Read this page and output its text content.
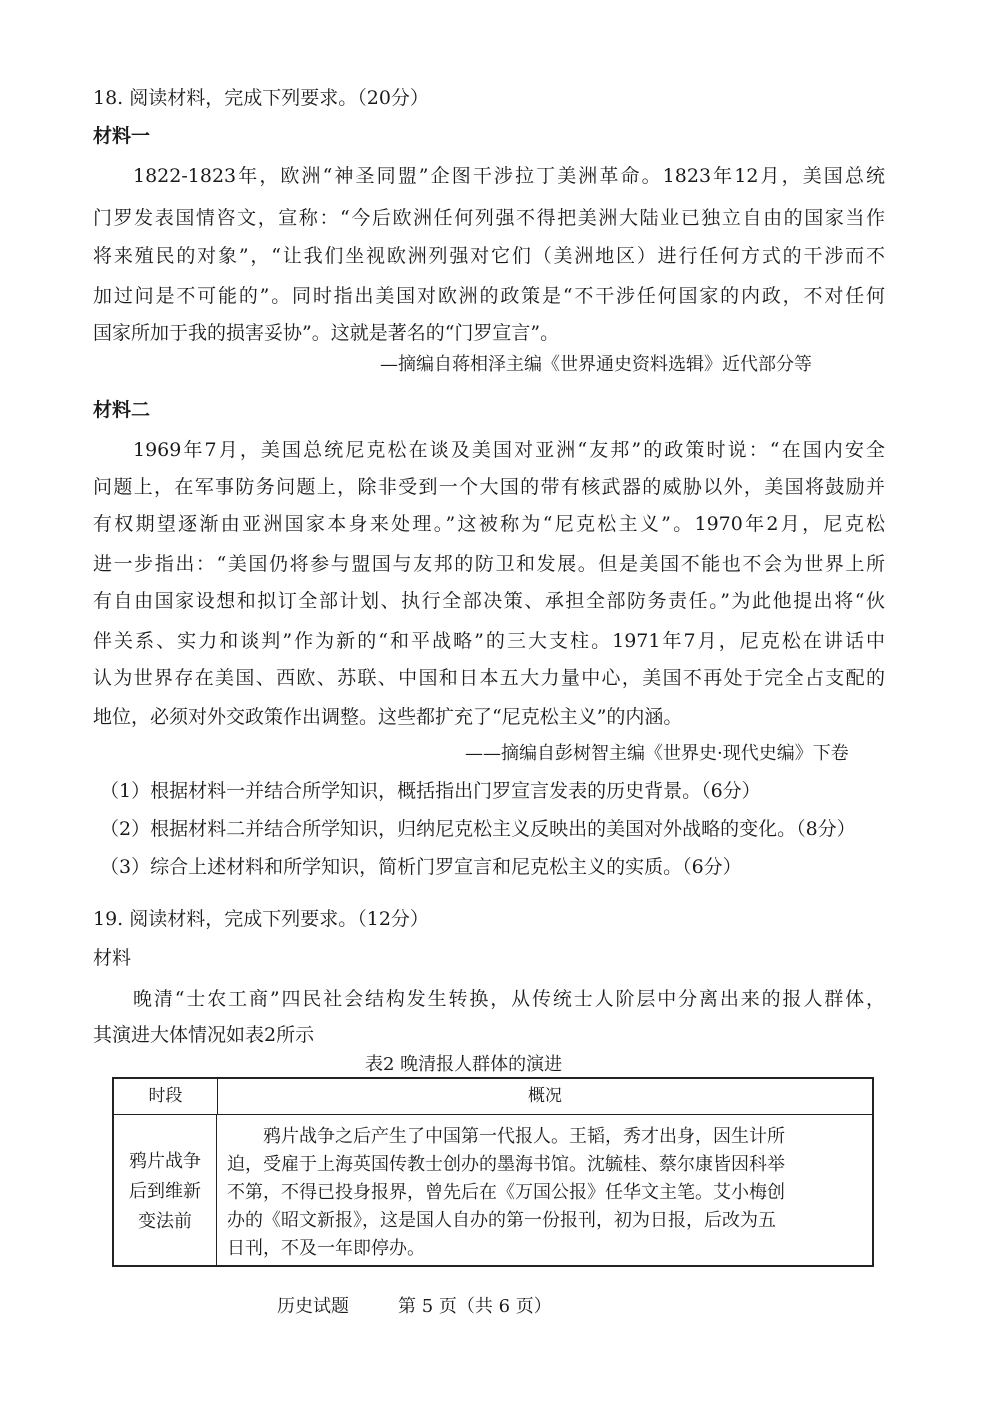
18. 阅读材料，完成下列要求。（20分）
材料一
1822-1823年，欧洲“神圣同盟”企图干涉拉丁美洲革命。1823年12月，美国总统
门罗发表国情咨文，宣称：“今后欧洲任何列强不得把美洲大陆业已独立自由的国家当作
将来殖民的对象”，“让我们坐视欧洲列强对它们（美洲地区）进行任何方式的干涉而不
加过问是不可能的”。同时指出美国对欧洲的政策是“不干涉任何国家的内政，不对任何
国家所加于我的损害妥协”。这就是著名的“门罗宣言”。
—摘编自蒋相泽主编《世界通史资料选辑》近代部分等
材料二
1969年7月，美国总统尼克松在谈及美国对亚洲“友邦”的政策时说：“在国内安全
问题上，在军事防务问题上，除非受到一个大国的带有核武器的威胁以外，美国将鼓励并
有权期望逐渐由亚洲国家本身来处理。”这被称为“尼克松主义”。1970年2月，尼克松
进一步指出：“美国仍将参与盟国与友邦的防卫和发展。但是美国不能也不会为世界上所
有自由国家设想和拟订全部计划、执行全部决策、承担全部防务责任。”为此他提出将“伙
伴关系、实力和谈判”作为新的“和平战略”的三大支柱。1971年7月，尼克松在讲话中
认为世界存在美国、西欧、苏联、中国和日本五大力量中心，美国不再处于完全占支配的
地位，必须对外交政策作出调整。这些都扩充了“尼克松主义”的内涵。
——摘编自彭树智主编《世界史·现代史编》下卷
（1）根据材料一并结合所学知识，概括指出门罗宣言发表的历史背景。（6分）
（2）根据材料二并结合所学知识，归纳尼克松主义反映出的美国对外战略的变化。（8分）
（3）综合上述材料和所学知识，简析门罗宣言和尼克松主义的实质。（6分）
19. 阅读材料，完成下列要求。（12分）
材料
晚清“士农工商”四民社会结构发生转换，从传统士人阶层中分离出来的报人群体，
其演进大体情况如表2所示
表2 晚清报人群体的演进
时段	概况
鸦片战争
后到维新
变法前
鸦片战争之后产生了中国第一代报人。王韬，秀才出身，因生计所
迫，受雇于上海英国传教士创办的墨海书馆。沈毓桂、蔡尔康皆因科举
不第，不得已投身报界，曾先后在《万国公报》任华文主笔。艾小梅创
办的《昭文新报》，这是国人自办的第一份报刊，初为日报，后改为五
日刊，不及一年即停办。
历史试题	第 5 页（共 6 页）
